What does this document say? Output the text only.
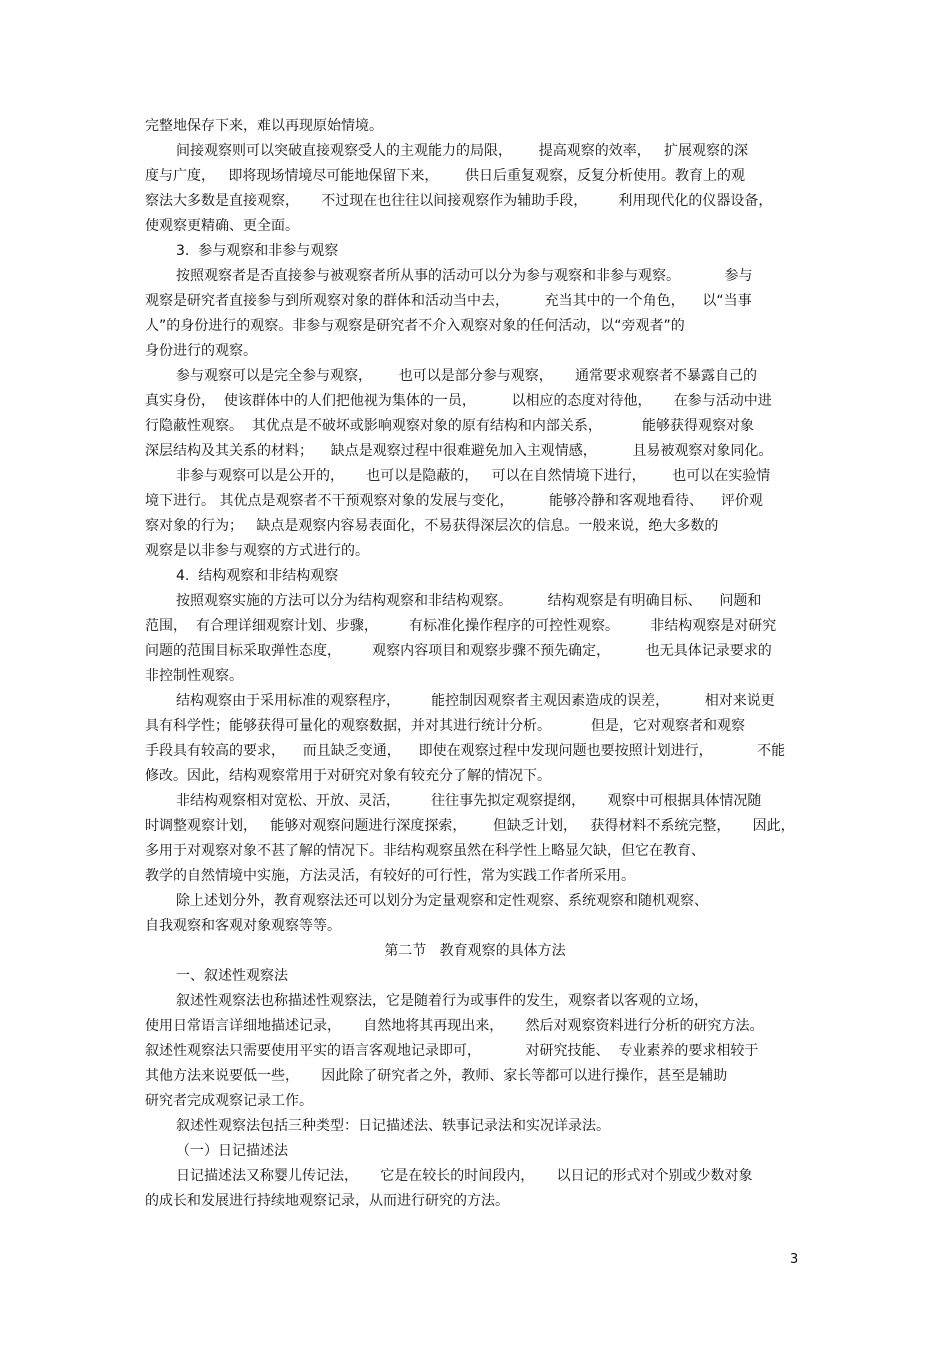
完整地保存下来，难以再现原始情境。
间接观察则可以突破直接观察受人的主观能力的局限，      提高观察的效率，   扩展观察的深
度与广度，   即将现场情境尽可能地保留下来，      供日后重复观察，反复分析使用。教育上的观
察法大多数是直接观察，     不过现在也往往以间接观察作为辅助手段，       利用现代化的仪器设备，
使观察更精确、更全面。
3.  参与观察和非参与观察
按照观察者是否直接参与被观察者所从事的活动可以分为参与观察和非参与观察。          参与
观察是研究者直接参与到所观察对象的群体和活动当中去，        充当其中的一个角色，    以“当事
人”的身份进行的观察。非参与观察是研究者不介入观察对象的任何活动，以“旁观者”的
身份进行的观察。
参与观察可以是完全参与观察，      也可以是部分参与观察，     通常要求观察者不暴露自己的
真实身份，  使该群体中的人们把他视为集体的一员，        以相应的态度对待他，     在参与活动中进
行隐蔽性观察。  其优点是不破坏或影响观察对象的原有结构和内部关系，         能够获得观察对象
深层结构及其关系的材料；    缺点是观察过程中很难避免加入主观情感，        且易被观察对象同化。
非参与观察可以是公开的，     也可以是隐蔽的，   可以在自然情境下进行，      也可以在实验情
境下进行。 其优点是观察者不干预观察对象的发展与变化，        能够冷静和客观地看待、    评价观
察对象的行为；   缺点是观察内容易表面化，不易获得深层次的信息。一般来说，绝大多数的
观察是以非参与观察的方式进行的。
4.  结构观察和非结构观察
按照观察实施的方法可以分为结构观察和非结构观察。        结构观察是有明确目标、    问题和
范围，  有合理详细观察计划、步骤，       有标准化操作程序的可控性观察。       非结构观察是对研究
问题的范围目标采取弹性态度，       观察内容项目和观察步骤不预先确定，        也无具体记录要求的
非控制性观察。
结构观察由于采用标准的观察程序，       能控制因观察者主观因素造成的误差，        相对来说更
具有科学性；能够获得可量化的观察数据，并对其进行统计分析。         但是，它对观察者和观察
手段具有较高的要求，    而且缺乏变通，    即使在观察过程中发现问题也要按照计划进行，          不能
修改。因此，结构观察常用于对研究对象有较充分了解的情况下。
非结构观察相对宽松、开放、灵活，       往往事先拟定观察提纲，     观察中可根据具体情况随
时调整观察计划，   能够对观察问题进行深度探索，      但缺乏计划，   获得材料不系统完整，     因此，
多用于对观察对象不甚了解的情况下。非结构观察虽然在科学性上略显欠缺，但它在教育、
教学的自然情境中实施，方法灵活，有较好的可行性，常为实践工作者所采用。
除上述划分外，教育观察法还可以划分为定量观察和定性观察、系统观察和随机观察、
自我观察和客观对象观察等等。
第二节   教育观察的具体方法
一、叙述性观察法
叙述性观察法也称描述性观察法，它是随着行为或事件的发生，观察者以客观的立场，
使用日常语言详细地描述记录，     自然地将其再现出来，     然后对观察资料进行分析的研究方法。
叙述性观察法只需要使用平实的语言客观地记录即可，          对研究技能、  专业素养的要求相较于
其他方法来说要低一些，     因此除了研究者之外，教师、家长等都可以进行操作，甚至是辅助
研究者完成观察记录工作。
叙述性观察法包括三种类型：日记描述法、轶事记录法和实况详录法。
（一）日记描述法
日记描述法又称婴儿传记法，     它是在较长的时间段内，     以日记的形式对个别或少数对象
的成长和发展进行持续地观察记录，从而进行研究的方法。
3
